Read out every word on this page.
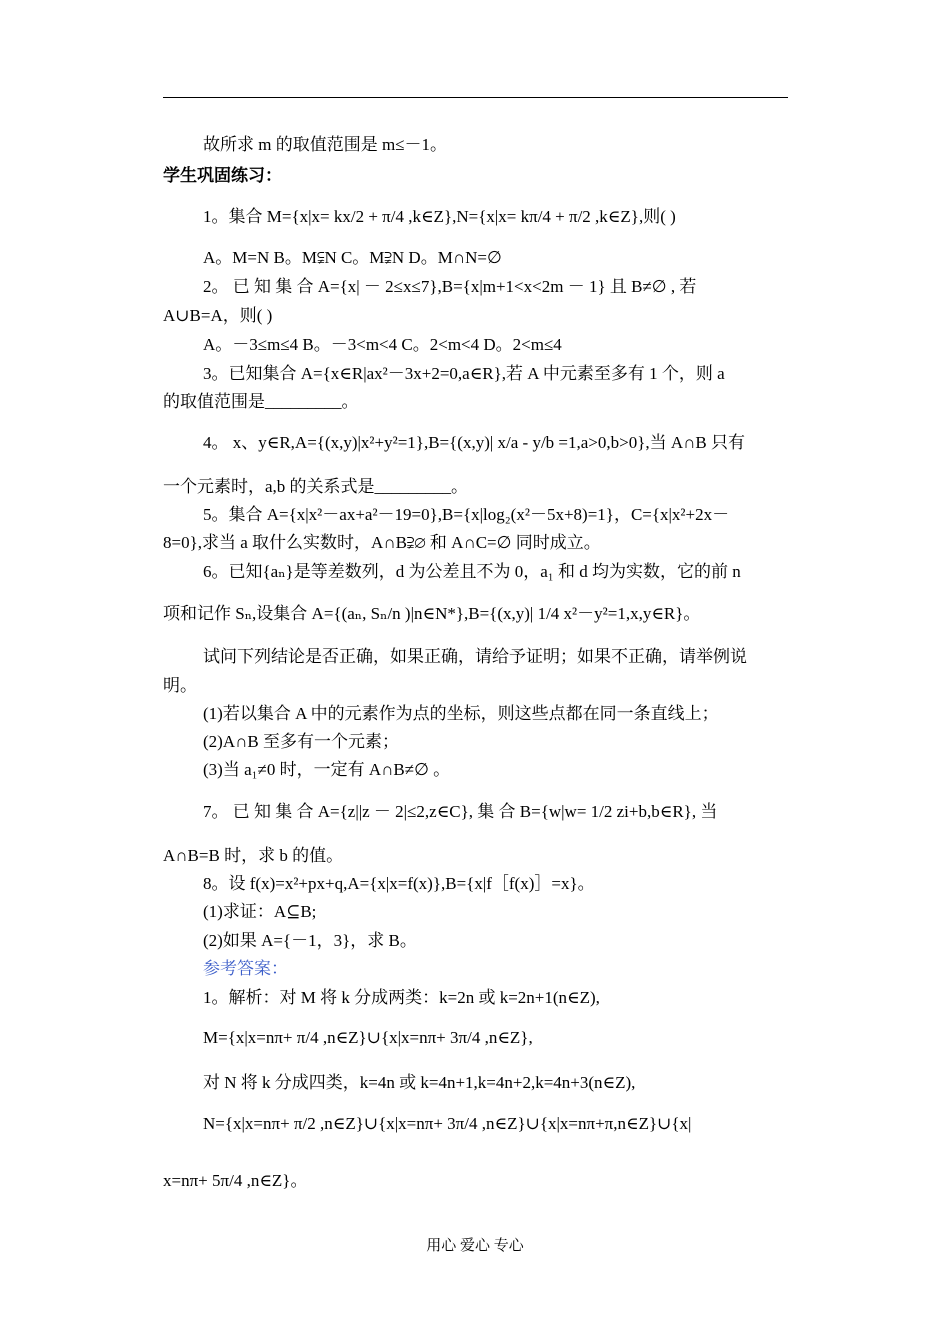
故所求 m 的取值范围是 m≤－1。
学生巩固练习：
1。集合 M={x|x= kx/2 + π/4 ,k∈Z},N={x|x= kπ/4 + π/2 ,k∈Z},则( )
A。M=N B。M⫋N C。M⫌N D。M∩N=∅
2。 已 知 集 合 A={x| － 2≤x≤7},B={x|m+1<x<2m － 1} 且 B≠∅ , 若
A∪B=A，则( )
A。－3≤m≤4 B。－3<m<4 C。2<m<4 D。2<m≤4
3。已知集合 A={x∈R|ax²－3x+2=0,a∈R},若 A 中元素至多有 1 个，则 a
的取值范围是_________。
4。 x、y∈R,A={(x,y)|x²+y²=1},B={(x,y)| x/a - y/b =1,a>0,b>0},当 A∩B 只有
一个元素时，a,b 的关系式是_________。
5。集合 A={x|x²－ax+a²－19=0},B={x|log₂(x²－5x+8)=1}，C={x|x²+2x－
8=0},求当 a 取什么实数时，A∩B⫌∅ 和 A∩C=∅ 同时成立。
6。已知{aₙ}是等差数列，d 为公差且不为 0，a₁ 和 d 均为实数，它的前 n
项和记作 Sₙ,设集合 A={(aₙ, Sₙ/n )|n∈N*},B={(x,y)| 1/4 x²－y²=1,x,y∈R}。
试问下列结论是否正确，如果正确，请给予证明；如果不正确，请举例说
明。
(1)若以集合 A 中的元素作为点的坐标，则这些点都在同一条直线上；
(2)A∩B 至多有一个元素；
(3)当 a₁≠0 时，一定有 A∩B≠∅ 。
7。 已 知 集 合 A={z||z － 2|≤2,z∈C}, 集 合 B={w|w= 1/2 zi+b,b∈R}, 当
A∩B=B 时，求 b 的值。
8。设 f(x)=x²+px+q,A={x|x=f(x)},B={x|f［f(x)］=x}。
(1)求证：A⊆B;
(2)如果 A={－1，3}，求 B。
参考答案：
1。解析：对 M 将 k 分成两类：k=2n 或 k=2n+1(n∈Z),
M={x|x=nπ+ π/4 ,n∈Z}∪{x|x=nπ+ 3π/4 ,n∈Z},
对 N 将 k 分成四类，k=4n 或 k=4n+1,k=4n+2,k=4n+3(n∈Z),
N={x|x=nπ+ π/2 ,n∈Z}∪{x|x=nπ+ 3π/4 ,n∈Z}∪{x|x=nπ+π,n∈Z}∪{x|
x=nπ+ 5π/4 ,n∈Z}。
用心 爱心 专心
